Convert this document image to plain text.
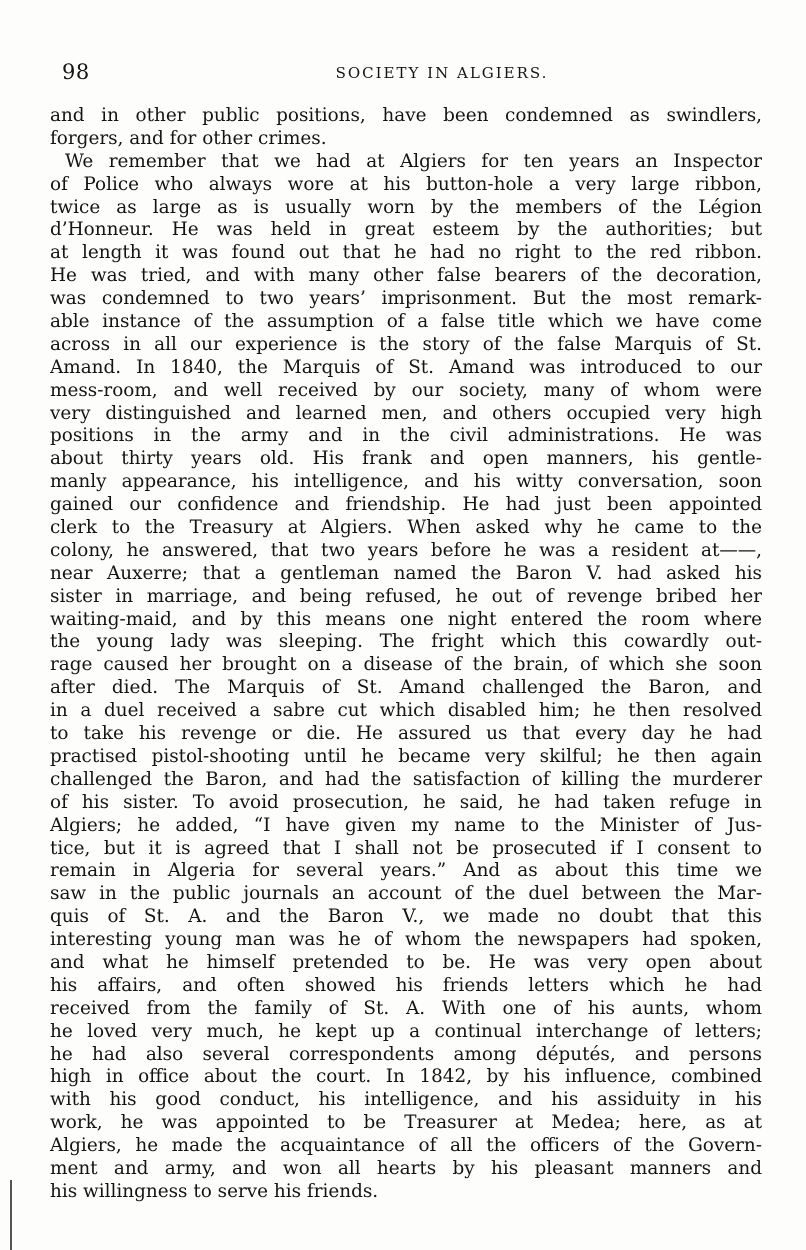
98	SOCIETY IN ALGIERS.
and in other public positions, have been condemned as swindlers,
forgers, and for other crimes.
We remember that we had at Algiers for ten years an Inspector
of Police who always wore at his button-hole a very large ribbon,
twice as large as is usually worn by the members of the Légion
d’Honneur. He was held in great esteem by the authorities; but
at length it was found out that he had no right to the red ribbon.
He was tried, and with many other false bearers of the decoration,
was condemned to two years’ imprisonment. But the most remark-
able instance of the assumption of a false title which we have come
across in all our experience is the story of the false Marquis of St.
Amand. In 1840, the Marquis of St. Amand was introduced to our
mess-room, and well received by our society, many of whom were
very distinguished and learned men, and others occupied very high
positions in the army and in the civil administrations. He was
about thirty years old. His frank and open manners, his gentle-
manly appearance, his intelligence, and his witty conversation, soon
gained our confidence and friendship. He had just been appointed
clerk to the Treasury at Algiers. When asked why he came to the
colony, he answered, that two years before he was a resident at——,
near Auxerre; that a gentleman named the Baron V. had asked his
sister in marriage, and being refused, he out of revenge bribed her
waiting-maid, and by this means one night entered the room where
the young lady was sleeping. The fright which this cowardly out-
rage caused her brought on a disease of the brain, of which she soon
after died. The Marquis of St. Amand challenged the Baron, and
in a duel received a sabre cut which disabled him; he then resolved
to take his revenge or die. He assured us that every day he had
practised pistol-shooting until he became very skilful; he then again
challenged the Baron, and had the satisfaction of killing the murderer
of his sister. To avoid prosecution, he said, he had taken refuge in
Algiers; he added, “I have given my name to the Minister of Jus-
tice, but it is agreed that I shall not be prosecuted if I consent to
remain in Algeria for several years.” And as about this time we
saw in the public journals an account of the duel between the Mar-
quis of St. A. and the Baron V., we made no doubt that this
interesting young man was he of whom the newspapers had spoken,
and what he himself pretended to be. He was very open about
his affairs, and often showed his friends letters which he had
received from the family of St. A. With one of his aunts, whom
he loved very much, he kept up a continual interchange of letters;
he had also several correspondents among députés, and persons
high in office about the court. In 1842, by his influence, combined
with his good conduct, his intelligence, and his assiduity in his
work, he was appointed to be Treasurer at Medea; here, as at
Algiers, he made the acquaintance of all the officers of the Govern-
ment and army, and won all hearts by his pleasant manners and
his willingness to serve his friends.
